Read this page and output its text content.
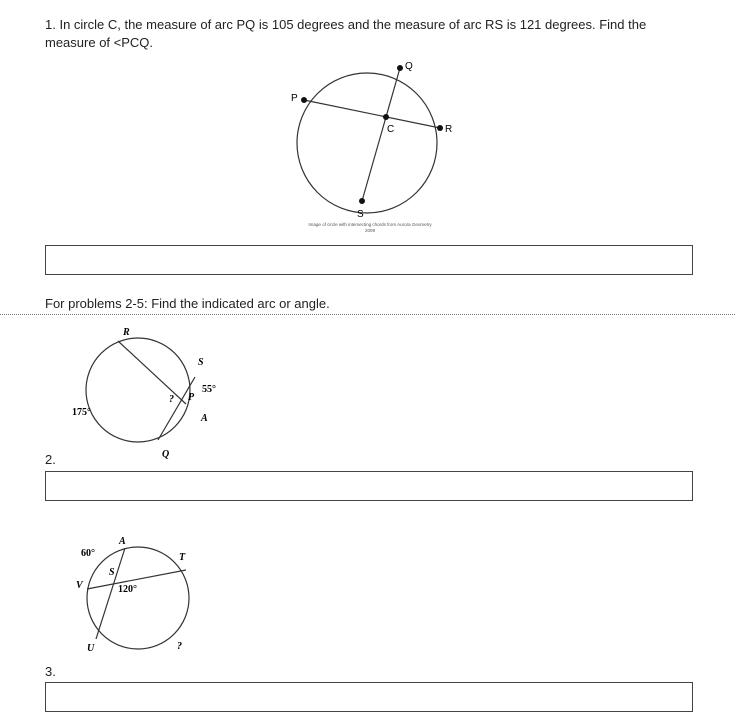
1. In circle C, the measure of arc PQ is 105 degrees and the measure of arc RS is 121 degrees. Find the
measure of <PCQ.
P
Q
R
S
C
Image of circle with intersecting chords from Aurora Geometry
2009
For problems 2-5: Find the indicated arc or angle.
R
S
? P
A
Q
175°
55°
2.
A
60°	T
S
V	120°
U	?
3.
